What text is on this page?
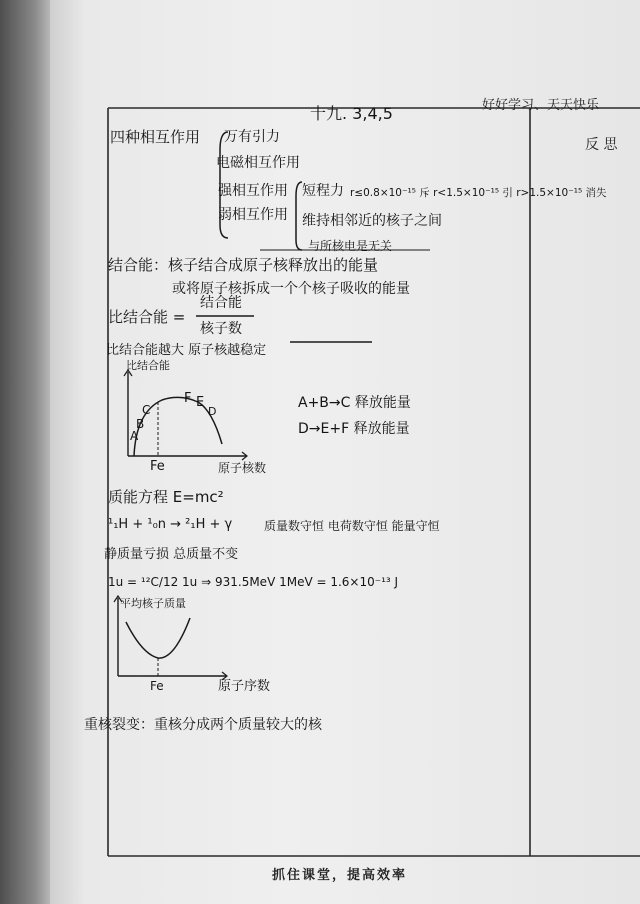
好好学习、天天快乐
反 思
抓住课堂，提高效率
十九. 3,4,5
四种相互作用 万有引力
电磁相互作用
强相互作用
弱相互作用
短程力 r≤0.8×10⁻¹⁵ 斥 r<1.5×10⁻¹⁵ 引 r>1.5×10⁻¹⁵ 消失
维持相邻近的核子之间
与所核电是无关
结合能：核子结合成原子核释放出的能量
或将原子核拆成一个个核子吸收的能量
比结合能 =
结合能
核子数
比结合能越大 原子核越稳定
比结合能
A
B
C
F E
D
Fe	原子核数
A+B→C 释放能量
D→E+F 释放能量
质能方程 E=mc²
¹₁H + ¹₀n → ²₁H + γ	质量数守恒 电荷数守恒 能量守恒
静质量亏损 总质量不变
1u = ¹²C/12 1u ⇒ 931.5MeV 1MeV = 1.6×10⁻¹³ J
平均核子质量
Fe	原子序数
重核裂变：重核分成两个质量较大的核
